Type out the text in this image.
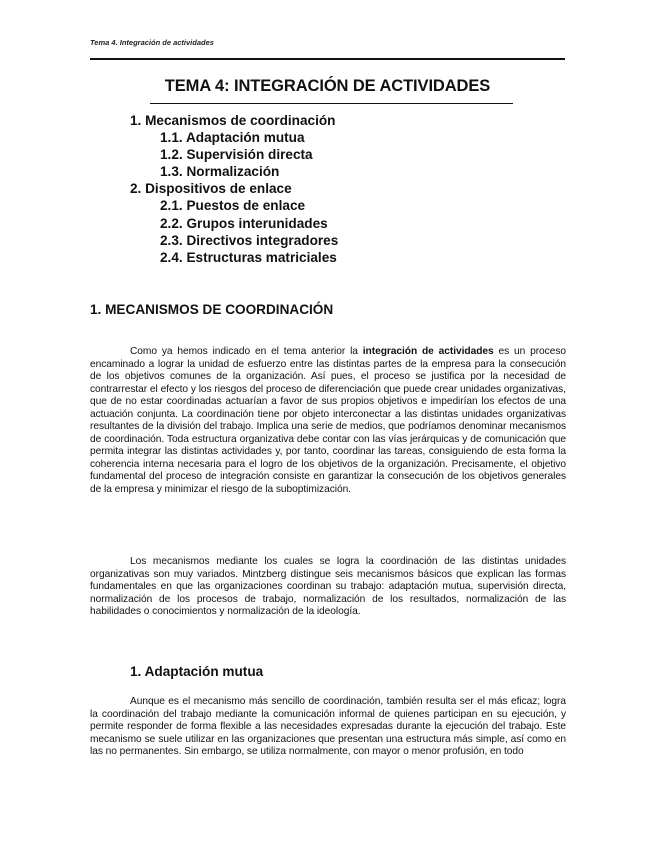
Tema 4. Integración de actividades
TEMA 4: INTEGRACIÓN DE ACTIVIDADES
1. Mecanismos de coordinación
1.1. Adaptación mutua
1.2. Supervisión directa
1.3. Normalización
2. Dispositivos de enlace
2.1. Puestos de enlace
2.2. Grupos interunidades
2.3. Directivos integradores
2.4. Estructuras matriciales
1. MECANISMOS DE COORDINACIÓN

Como ya hemos indicado en el tema anterior la integración de actividades es un proceso encaminado a lograr la unidad de esfuerzo entre las distintas partes de la empresa para la consecución de los objetivos comunes de la organización. Así pues, el proceso se justifica por la necesidad de contrarrestar el efecto y los riesgos del proceso de diferenciación que puede crear unidades organizativas, que de no estar coordinadas actuarían a favor de sus propios objetivos e impedirían los efectos de una actuación conjunta. La coordinación tiene por objeto interconectar a las distintas unidades organizativas resultantes de la división del trabajo. Implica una serie de medios, que podríamos denominar mecanismos de coordinación. Toda estructura organizativa debe contar con las vías jerárquicas y de comunicación que permita integrar las distintas actividades y, por tanto, coordinar las tareas, consiguiendo de esta forma la coherencia interna necesaria para el logro de los objetivos de la organización. Precisamente, el objetivo fundamental del proceso de integración consiste en garantizar la consecución de los objetivos generales de la empresa y minimizar el riesgo de la suboptimización.

Los mecanismos mediante los cuales se logra la coordinación de las distintas unidades organizativas son muy variados. Mintzberg distingue seis mecanismos básicos que explican las formas fundamentales en que las organizaciones coordinan su trabajo: adaptación mutua, supervisión directa, normalización de los procesos de trabajo, normalización de los resultados, normalización de las habilidades o conocimientos y normalización de la ideología.

1. Adaptación mutua

Aunque es el mecanismo más sencillo de coordinación, también resulta ser el más eficaz; logra la coordinación del trabajo mediante la comunicación informal de quienes participan en su ejecución, y permite responder de forma flexible a las necesidades expresadas durante la ejecución del trabajo. Este mecanismo se suele utilizar en las organizaciones que presentan una estructura más simple, así como en las no permanentes. Sin embargo, se utiliza normalmente, con mayor o menor profusión, en todo
